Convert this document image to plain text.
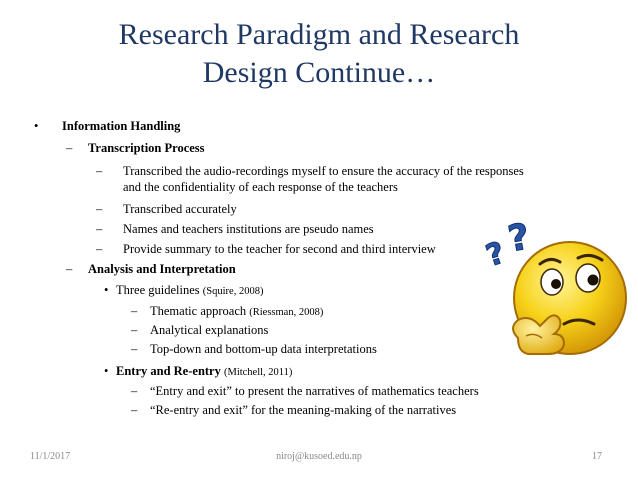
Research Paradigm and Research
Design Continue…
• Information Handling
– Transcription Process
– Transcribed the audio-recordings myself to ensure the accuracy of the responses
and the confidentiality of each response of the teachers
– Transcribed accurately
– Names and teachers institutions are pseudo names
– Provide summary to the teacher for second and third interview
– Analysis and Interpretation
• Three guidelines (Squire, 2008)
– Thematic approach (Riessman, 2008)
– Analytical explanations
– Top-down and bottom-up data interpretations
• Entry and Re-entry (Mitchell, 2011)
– “Entry and exit” to present the narratives of mathematics teachers
– “Re-entry and exit” for the meaning-making of the narratives
?
?
11/1/2017	niroj@kusoed.edu.np	17
